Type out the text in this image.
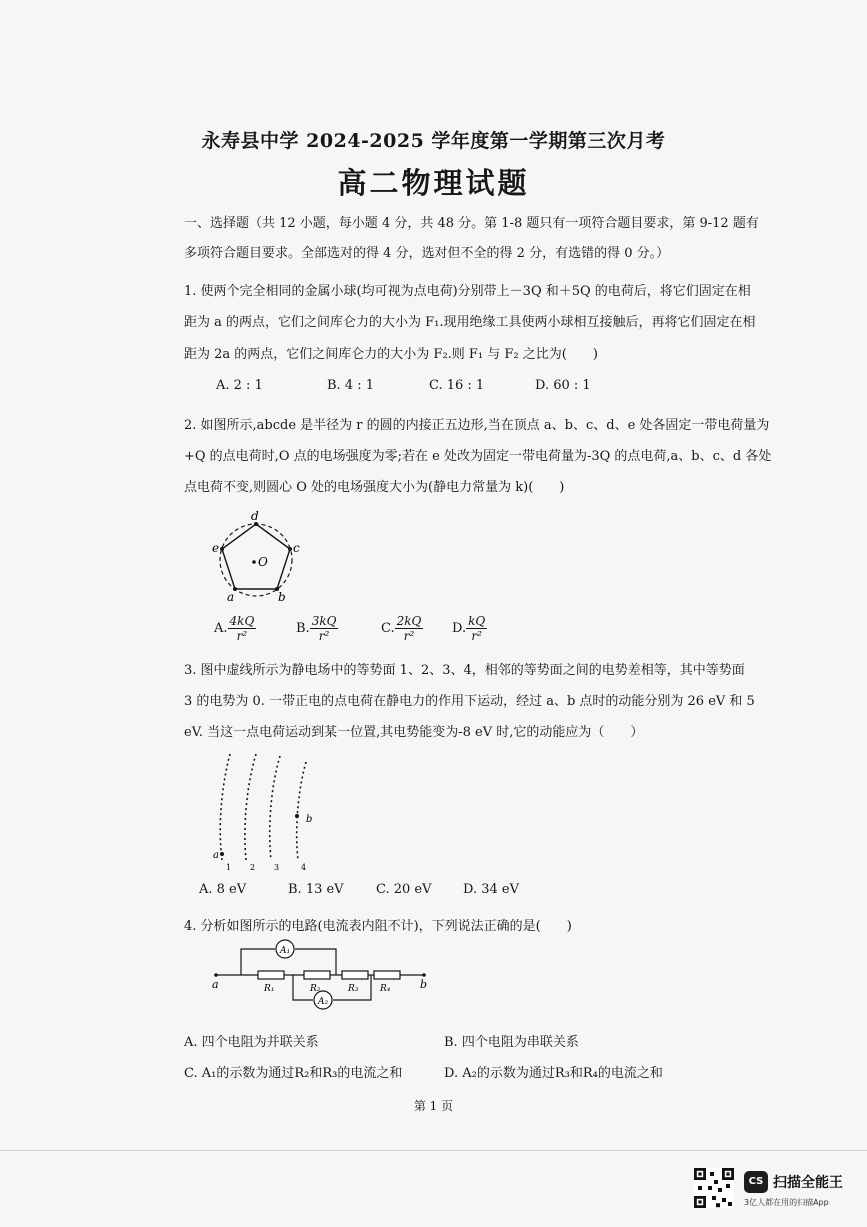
永寿县中学 2024-2025 学年度第一学期第三次月考
高二物理试题
一、选择题（共 12 小题，每小题 4 分，共 48 分。第 1-8 题只有一项符合题目要求，第 9-12 题有
多项符合题目要求。全部选对的得 4 分，选对但不全的得 2 分，有选错的得 0 分。）
1. 使两个完全相同的金属小球(均可视为点电荷)分别带上－3Q 和＋5Q 的电荷后，将它们固定在相
距为 a 的两点，它们之间库仑力的大小为 F₁.现用绝缘工具使两小球相互接触后，再将它们固定在相
距为 2a 的两点，它们之间库仑力的大小为 F₂.则 F₁ 与 F₂ 之比为(　　)
A. 2 : 1	B. 4 : 1	C. 16 : 1	D. 60 : 1
2. 如图所示,abcde 是半径为 r 的圆的内接正五边形,当在顶点 a、b、c、d、e 处各固定一带电荷量为
+Q 的点电荷时,O 点的电场强度为零;若在 e 处改为固定一带电荷量为-3Q 的点电荷,a、b、c、d 各处
点电荷不变,则圆心 O 处的电场强度大小为(静电力常量为 k)(　　)
d
c
b
a
e
O
A. $\frac{4kQ}{\text{r²}}$	B. $\frac{3kQ}{\text{r²}}$	C. $\frac{2kQ}{\text{r²}} D$. $\frac{kQ}{\text{r²}}$
3. 图中虚线所示为静电场中的等势面 1、2、3、4，相邻的等势面之间的电势差相等，其中等势面
3 的电势为 0. 一带正电的点电荷在静电力的作用下运动，经过 a、b 点时的动能分别为 26 eV 和 5
eV. 当这一点电荷运动到某一位置,其电势能变为-8 eV 时,它的动能应为（　　）
a
b
1 2 3	4
A. 8 eV	B. 13 eV C. 20 eV D. 34 eV
4. 分析如图所示的电路(电流表内阻不计)，下列说法正确的是(　　)
A₁
A₂
R₁	R₂	R₃ R₄
a	b
A. 四个电阻为并联关系	B. 四个电阻为串联关系
C. A₁的示数为通过R₂和R₃的电流之和	D. A₂的示数为通过R₃和R₄的电流之和
第 1 页
CS 扫描全能王
3亿人都在用的扫描App
